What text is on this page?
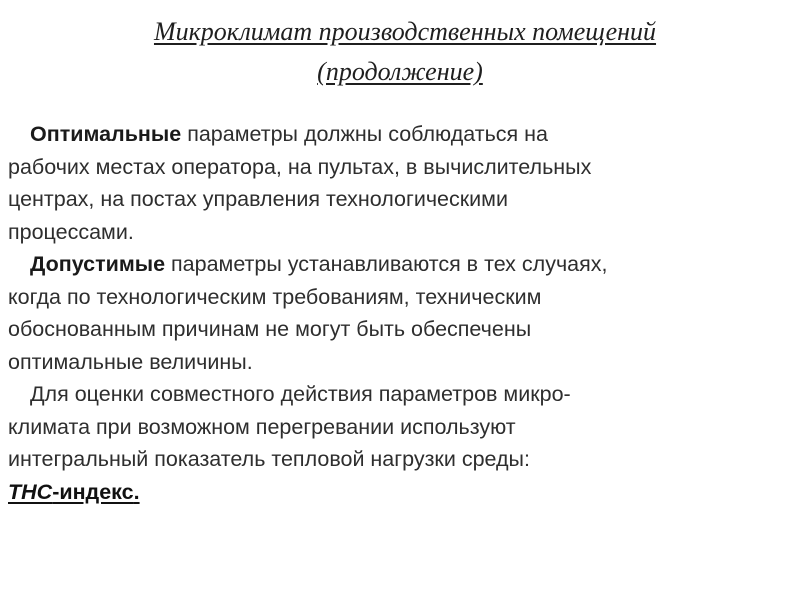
Микроклимат производственных помещений
(продолжение)

Оптимальные параметры должны соблюдаться на
рабочих местах оператора, на пультах, в вычислительных
центрах, на постах управления технологическими
процессами.

Допустимые параметры устанавливаются в тех случаях,
когда по технологическим требованиям, техническим
обоснованным причинам не могут быть обеспечены
оптимальные величины.

Для оценки совместного действия параметров микро-
климата при возможном перегревании используют
интегральный показатель тепловой нагрузки среды:
ТНС-индекс.
